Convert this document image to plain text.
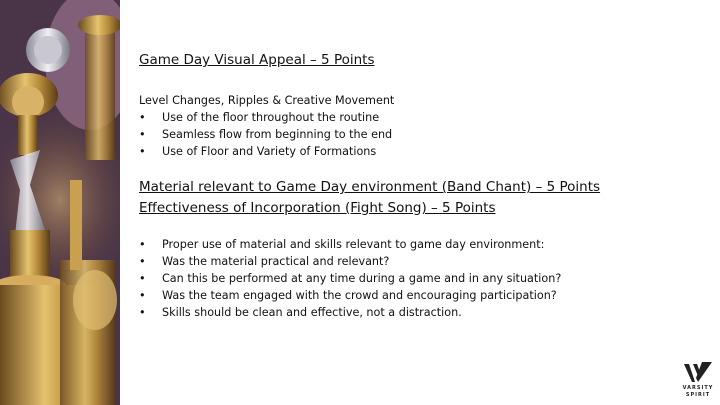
Game Day Visual Appeal – 5 Points
Level Changes, Ripples & Creative Movement
• Use of the floor throughout the routine
• Seamless flow from beginning to the end
• Use of Floor and Variety of Formations
Material relevant to Game Day environment (Band Chant) – 5 Points
Effectiveness of Incorporation (Fight Song) – 5 Points
• Proper use of material and skills relevant to game day environment:
• Was the material practical and relevant?
• Can this be performed at any time during a game and in any situation?
• Was the team engaged with the crowd and encouraging participation?
• Skills should be clean and effective, not a distraction.
VARSITY
SPIRIT
